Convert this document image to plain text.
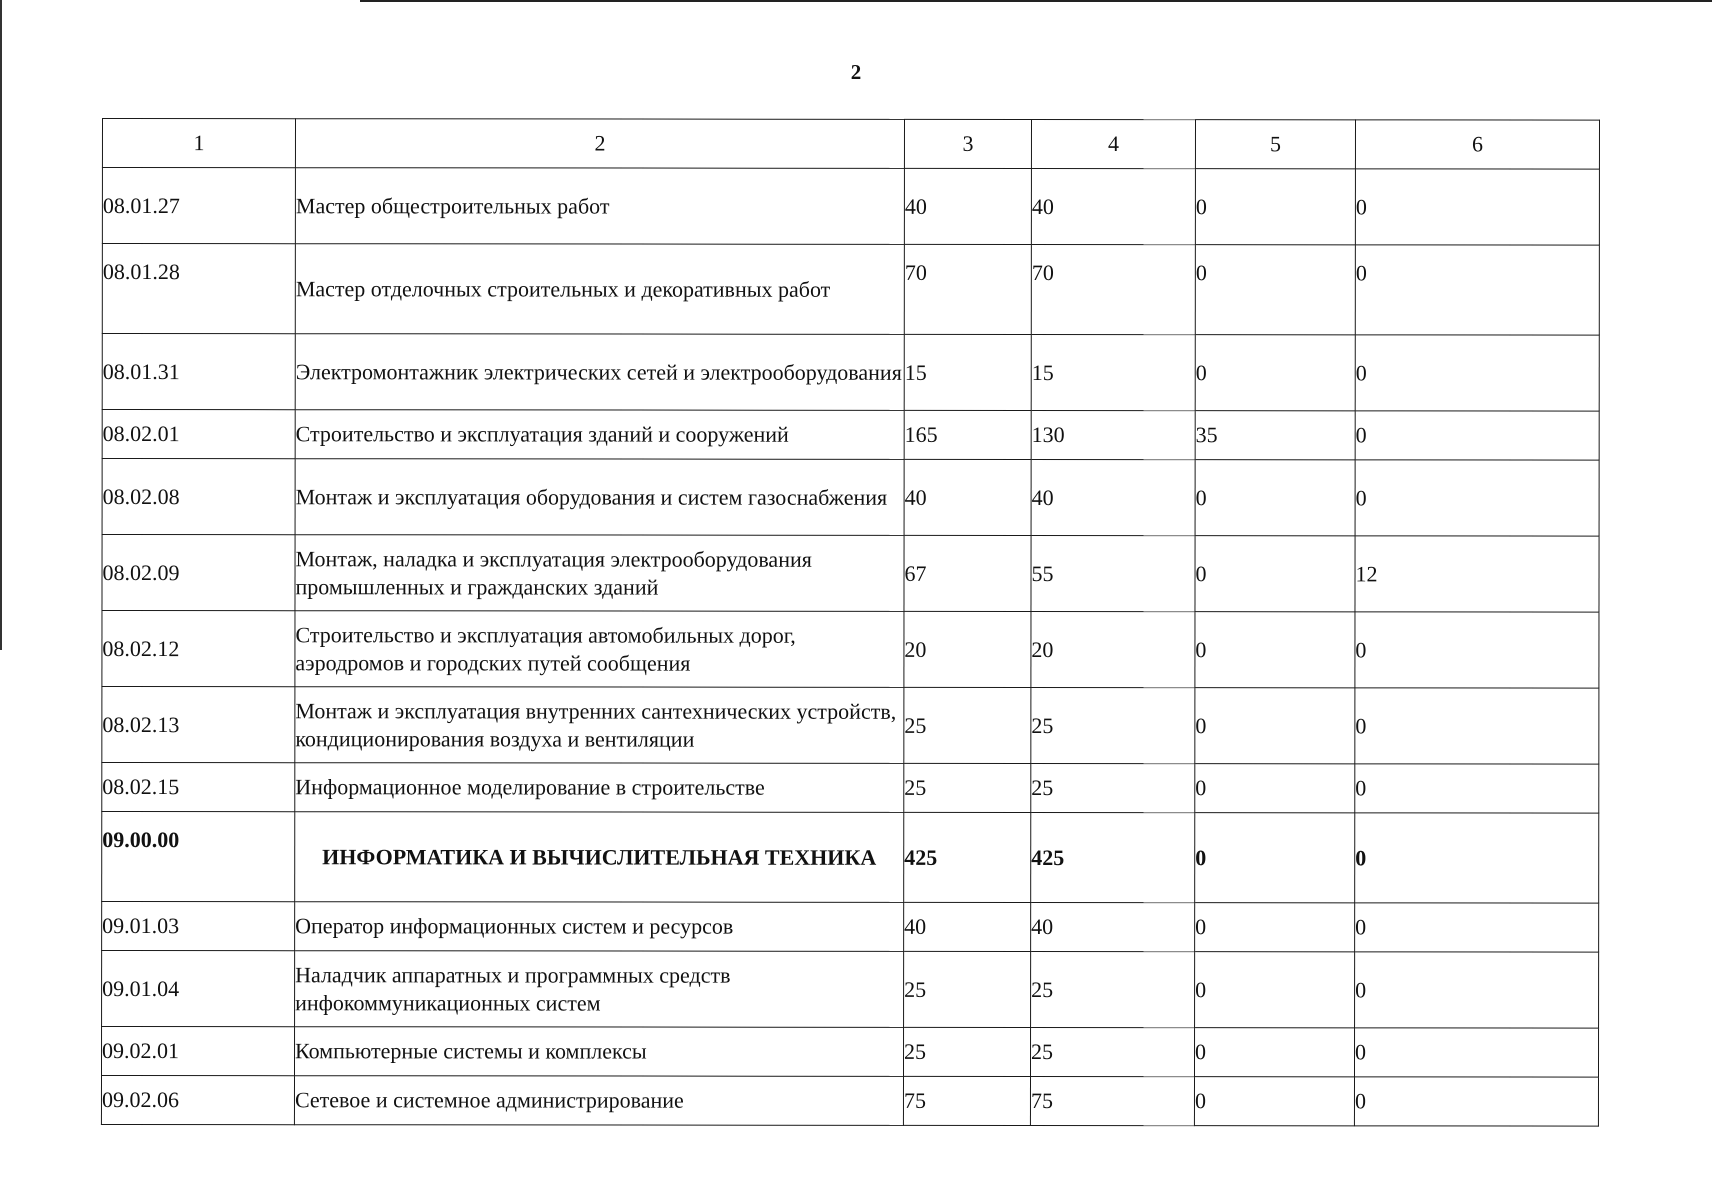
2
1	2	3	4	5	6
08.01.27	Мастер общестроительных работ	40	40	0	0
08.01.28	Мастер отделочных строительных и декоративных работ	70	70	0	0
08.01.31	Электромонтажник электрических сетей и электрооборудования	15	15	0	0
08.02.01	Строительство и эксплуатация зданий и сооружений	165	130	35	0
08.02.08	Монтаж и эксплуатация оборудования и систем газоснабжения	40	40	0	0
08.02.09	Монтаж, наладка и эксплуатация электрооборудования промышленных и гражданских зданий	67	55	0	12
08.02.12	Строительство и эксплуатация автомобильных дорог, аэродромов и городских путей сообщения	20	20	0	0
08.02.13	Монтаж и эксплуатация внутренних сантехнических устройств, кондиционирования воздуха и вентиляции	25	25	0	0
08.02.15	Информационное моделирование в строительстве	25	25	0	0
09.00.00	ИНФОРМАТИКА И ВЫЧИСЛИТЕЛЬНАЯ ТЕХНИКА	425	425	0	0
09.01.03	Оператор информационных систем и ресурсов	40	40	0	0
09.01.04	Наладчик аппаратных и программных средств инфокоммуникационных систем	25	25	0	0
09.02.01	Компьютерные системы и комплексы	25	25	0	0
09.02.06	Сетевое и системное администрирование	75	75	0	0
